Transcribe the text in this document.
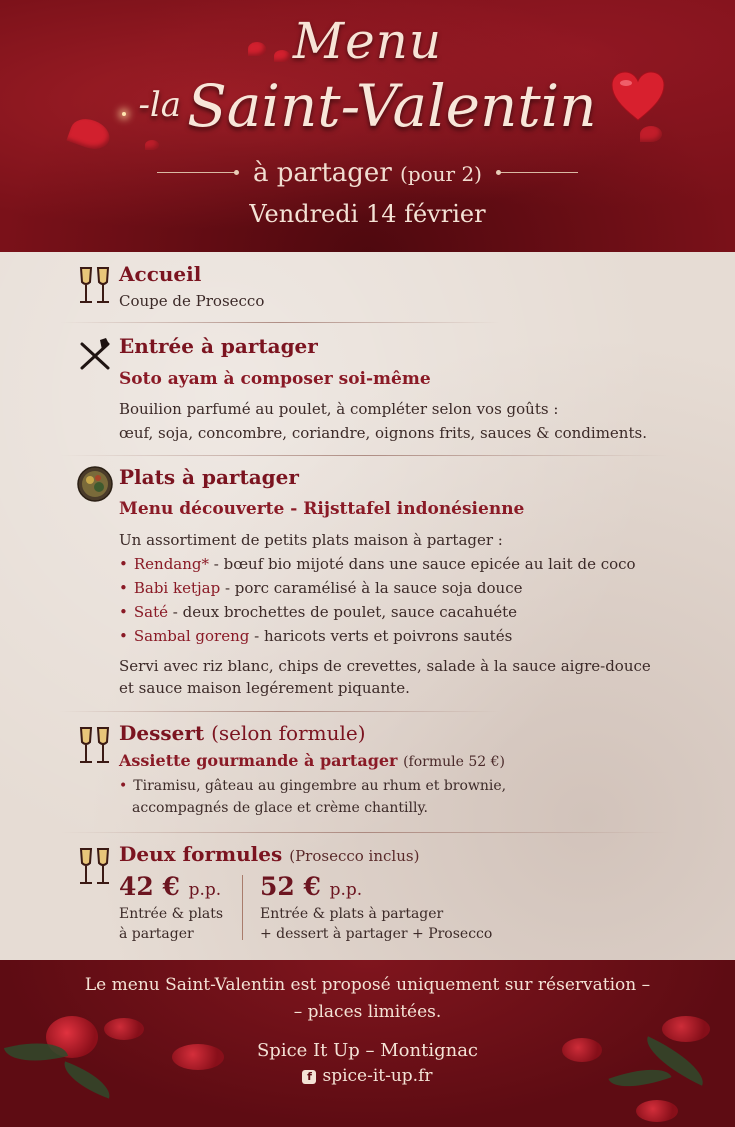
Menu
-la Saint-Valentin
à partager (pour 2)
Vendredi 14 février
Accueil
Coupe de Prosecco
Entrée à partager
Soto ayam à composer soi-même
Bouilion parfumé au poulet, à compléter selon vos goûts :
œuf, soja, concombre, coriandre, oignons frits, sauces & condiments.
Plats à partager
Menu découverte - Rijsttafel indonésienne
Un assortiment de petits plats maison à partager :
• Rendang* - bœuf bio mijoté dans une sauce epicée au lait de coco
• Babi ketjap - porc caramélisé à la sauce soja douce
• Saté - deux brochettes de poulet, sauce cacahuéte
• Sambal goreng - haricots verts et poivrons sautés
Servi avec riz blanc, chips de crevettes, salade à la sauce aigre-douce
et sauce maison legérement piquante.
Dessert (selon formule)
Assiette gourmande à partager (formule 52 €)
• Tiramisu, gâteau au gingembre au rhum et brownie,
accompagnés de glace et crème chantilly.
Deux formules (Prosecco inclus)
42 € p.p.
Entrée & plats
à partager
52 € p.p.
Entrée & plats à partager
+ dessert à partager + Prosecco
Le menu Saint-Valentin est proposé uniquement sur réservation –
– places limitées.
Spice It Up – Montignac
f spice-it-up.fr
